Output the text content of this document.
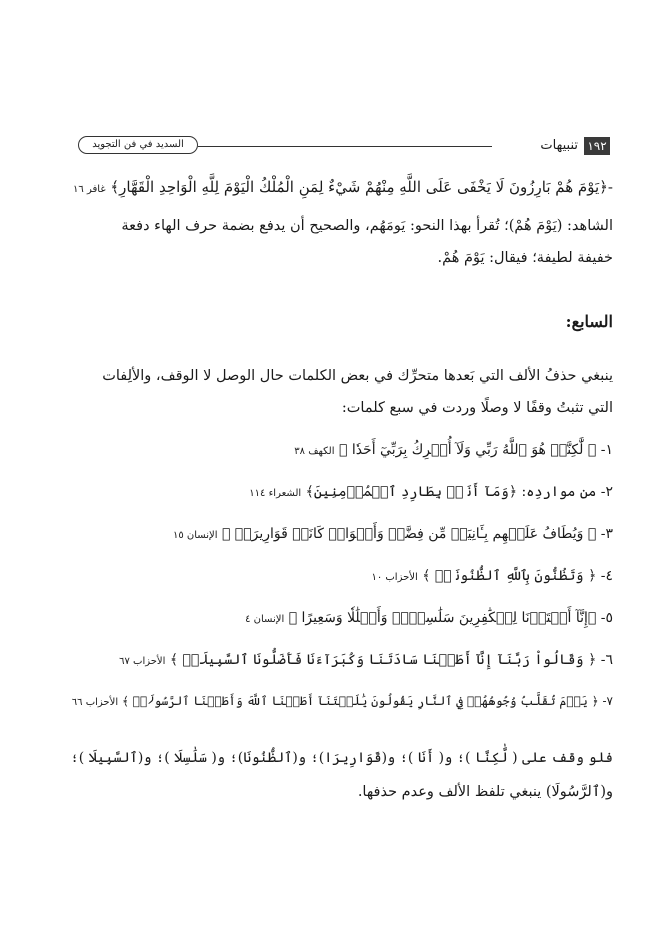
١٩٢
تنبيهات
السديد في فن التجويد
-﴿يَوْمَ هُمْ بَارِزُونَ لَا يَخْفَى عَلَى اللَّهِ مِنْهُمْ شَيْءٌ لِمَنِ الْمُلْكُ الْيَوْمَ لِلَّهِ الْوَاحِدِ الْقَهَّارِ﴾ غافر ١٦
الشاهد: (يَوْمَ هُمْ)؛ تُقرأ بهذا النحو: يَومَهُم، والصحيح أن يدفع بضمة حرف الهاء دفعة
خفيفة لطيفة؛ فيقال: يَوْمَ هُمْ.
السابع:
ينبغي حذفُ الألف التي بَعدها متحرِّك في بعض الكلمات حال الوصل لا الوقف، والألِفات
التي تثبتُ وقفًا لا وصلًا وردت في سبع كلمات:
١- ﴿ لَّٰكِنَّا۠ هُوَ ٱللَّهُ رَبِّي وَلَآ أُشۡرِكُ بِرَبِّيٓ أَحَدٗا ﴾ الكهف ٣٨
٢- من مواردِه: ﴿وَمَآ أَنَا۠ بِطَارِدِ ٱلۡمُؤۡمِنِينَ﴾ الشعراء ١١٤
٣- ﴿ وَيُطَافُ عَلَيۡهِم بِـَٔانِيَةٖ مِّن فِضَّةٖ وَأَكۡوَابٖ كَانَتۡ قَوَارِيرَا۠ ﴾ الإنسان ١٥
٤- ﴿ وَتَظُنُّونَ بِٱللَّهِ ٱلظُّنُونَا۠ ﴾ الأحزاب ١٠
٥- ﴿إِنَّآ أَعۡتَدۡنَا لِلۡكَٰفِرِينَ سَلَٰسِلَا۟ وَأَغۡلَٰلٗا وَسَعِيرًا ﴾ الإنسان ٤
٦- ﴿ وَقَالُواْ رَبَّنَآ إِنَّآ أَطَعۡنَا سَادَتَنَا وَكُبَرَآءَنَا فَأَضَلُّونَا ٱلسَّبِيلَا۠ ﴾ الأحزاب ٦٧
٧- ﴿ يَوۡمَ تُقَلَّبُ وُجُوهُهُمۡ فِي ٱلنَّارِ يَقُولُونَ يَٰلَيۡتَنَآ أَطَعۡنَا ٱللَّهَ وَأَطَعۡنَا ٱلرَّسُولَا۠ ﴾ الأحزاب ٦٦
فلو وقف على ( لَّٰكِنَّا )؛ و( أَنَا )؛ و(قَوَارِيرَا)؛ و(ٱلظُّنُونَا)؛ و( سَلَٰسِلَا )؛ و(ٱلسَّبِيلَا )؛
و(ٱلرَّسُولَا) ينبغي تلفظ الألف وعدم حذفها.
